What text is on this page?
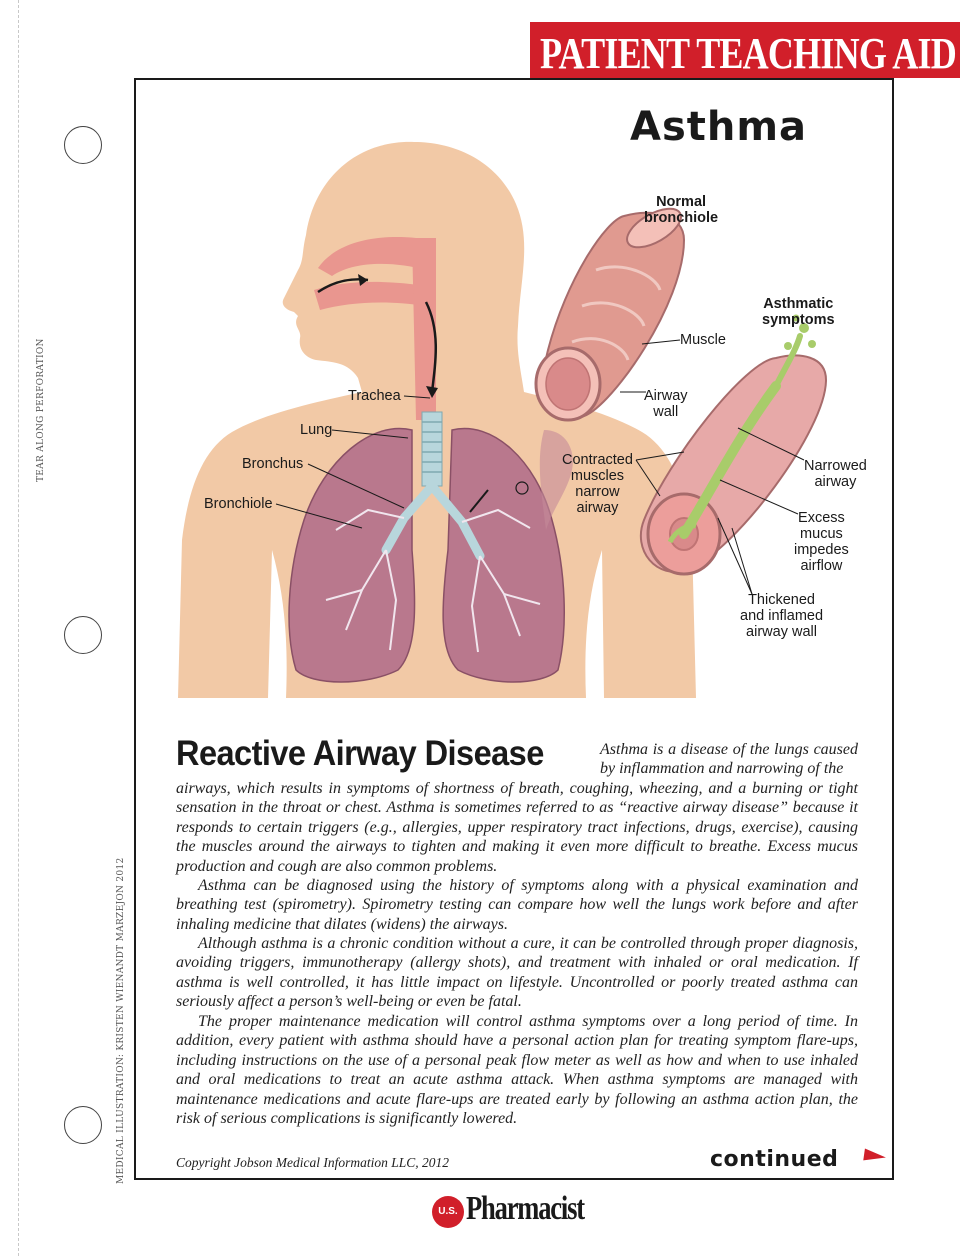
TEAR ALONG PERFORATION
MEDICAL ILLUSTRATION: KRISTEN WIENANDT MARZEJON 2012
PATIENT TEACHING AID
Asthma
Trachea
Lung
Bronchus
Bronchiole
Normal
bronchiole
Muscle
Airway
wall
Contracted
muscles
narrow
airway
Asthmatic
symptoms
Narrowed
airway
Excess
mucus
impedes
airflow
Thickened
and inflamed
airway wall
Reactive Airway Disease	Asthma is a disease of the lungs caused by inflammation and narrowing of the

airways, which results in symptoms of shortness of breath, coughing, wheezing, and a burning or tight sensation in the throat or chest. Asthma is sometimes referred to as “reactive airway disease” because it responds to certain triggers (e.g., allergies, upper respiratory tract infections, drugs, exercise), causing the muscles around the airways to tighten and making it even more difficult to breathe. Excess mucus production and cough are also common problems.

Asthma can be diagnosed using the history of symptoms along with a physical examination and breathing test (spirometry). Spirometry testing can compare how well the lungs work before and after inhaling medicine that dilates (widens) the airways.

Although asthma is a chronic condition without a cure, it can be controlled through proper diagnosis, avoiding triggers, immunotherapy (allergy shots), and treatment with inhaled or oral medication. If asthma is well controlled, it has little impact on lifestyle. Uncontrolled or poorly treated asthma can seriously affect a person’s well-being or even be fatal.

The proper maintenance medication will control asthma symptoms over a long period of time. In addition, every patient with asthma should have a personal action plan for treating symptom flare-ups, including instructions on the use of a personal peak flow meter as well as how and when to use inhaled and oral medications to treat an acute asthma attack. When asthma symptoms are managed with maintenance medications and acute flare-ups are treated early by following an asthma action plan, the risk of serious complications is significantly lowered.

Copyright Jobson Medical Information LLC, 2012	continued
U.S. Pharmacist
